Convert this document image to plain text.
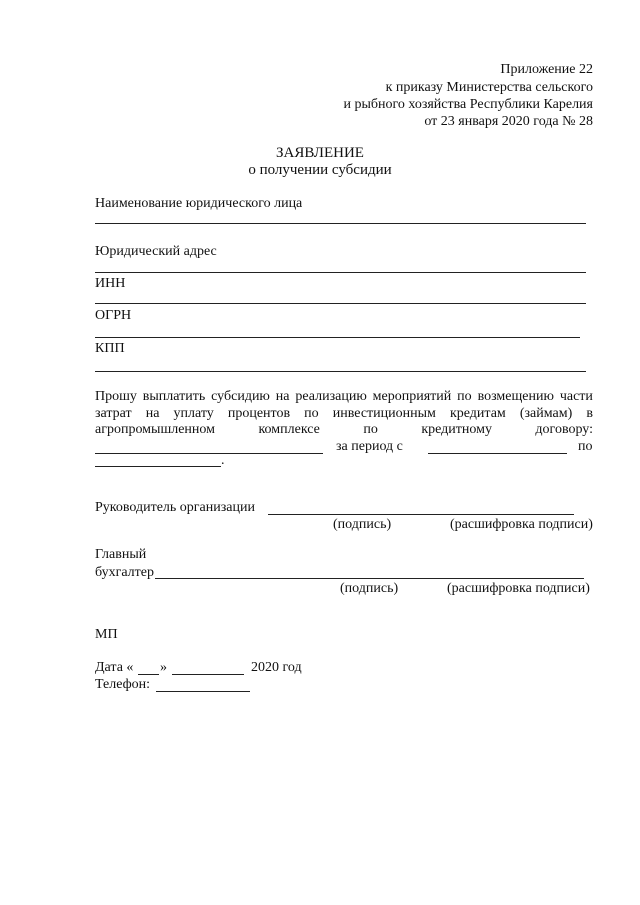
Приложение 22
к приказу Министерства сельского
и рыбного хозяйства Республики Карелия
от 23 января 2020 года № 28
ЗАЯВЛЕНИЕ
о получении субсидии
Наименование юридического лица
Юридический адрес
ИНН
ОГРН
КПП
Прошу выплатить субсидию на реализацию мероприятий по возмещению части
затрат на уплату процентов по инвестиционным кредитам (займам) в
агропромышленном	комплексе	по	кредитному	договору:
за период с	по
.
Руководитель организации
(подпись)	(расшифровка подписи)
Главный
бухгалтер
(подпись)	(расшифровка подписи)
МП
Дата « »	2020 год
Телефон:
